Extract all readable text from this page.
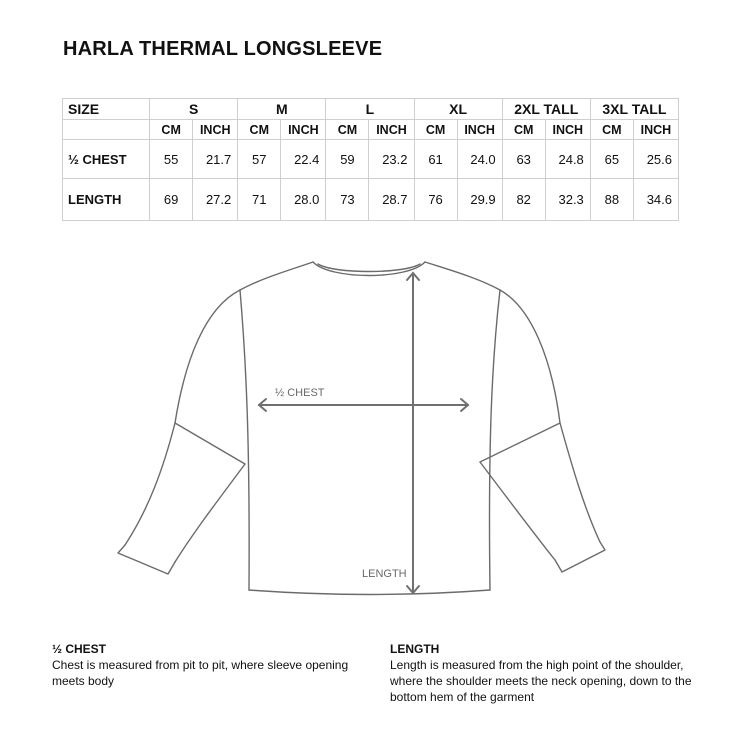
HARLA THERMAL LONGSLEEVE
SIZE	S		M		L		XL		2XL TALL		3XL TALL	
	CM	INCH	CM	INCH	CM	INCH	CM	INCH	CM	INCH	CM	INCH
½ CHEST	55	21.7	57	22.4	59	23.2	61	24.0	63	24.8	65	25.6
LENGTH	69	27.2	71	28.0	73	28.7	76	29.9	82	32.3	88	34.6
½ CHEST
LENGTH
½ CHEST

Chest is measured from pit to pit, where sleeve opening meets body

LENGTH

Length is measured from the high point of the shoulder, where the shoulder meets the neck opening, down to the bottom hem of the garment
